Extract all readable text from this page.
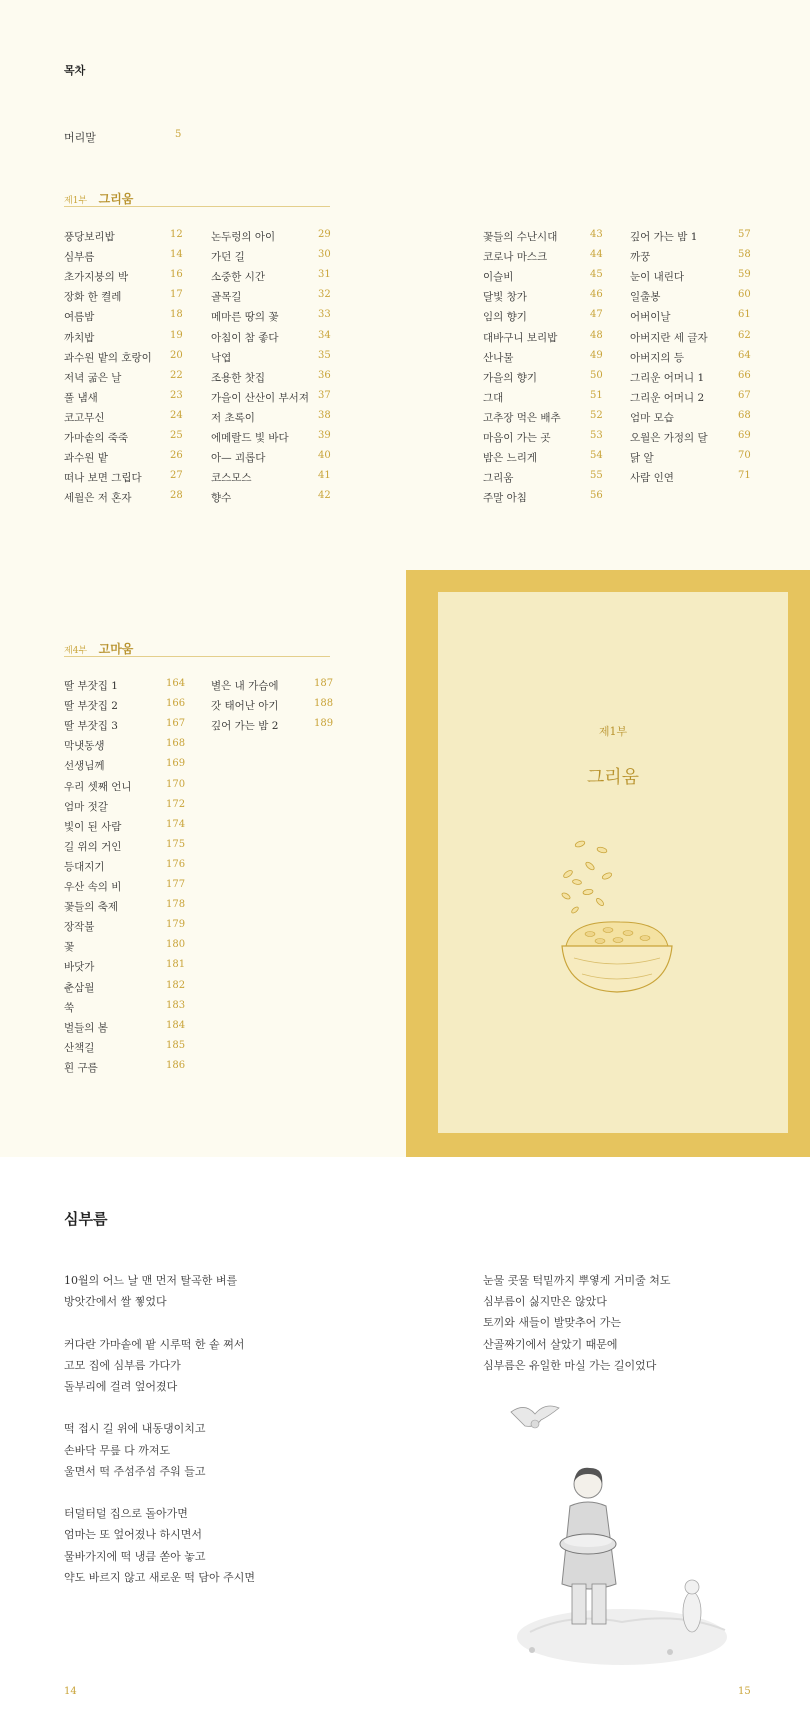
목차
머리말	5
제1부 그리움
풍당보리밥	12
심부름	14
초가지붕의 박	16
장화 한 켤레	17
여름밤	18
까치밥	19
과수원 밭의 호랑이 20
저녁 굶은 날	22
풀 냄새	23
코고무신	24
가마솥의 죽죽	25
과수원 밭	26
떠나 보면 그립다	27
세월은 저 혼자	28
논두렁의 아이	29
가던 길	30
소중한 시간	31
골목길	32
메마른 땅의 꽃	33
아침이 참 좋다	34
낙엽	35
조용한 찻집	36
가을이 산산이 부서져 37
저 초록이	38
에메랄드 빛 바다	39
아— 괴롭다	40
코스모스	41
향수	42
꽃들의 수난시대	43
코로나 마스크	44
이슬비	45
달빛 창가	46
임의 향기	47
대바구니 보리밥	48
산나물	49
가을의 향기	50
그대	51
고추장 먹은 배추	52
마음이 가는 곳	53
밤은 느리게	54
그리움	55
주말 아침	56
깊어 가는 밤 1	57
까꿍	58
눈이 내린다	59
일출봉	60
어버이날	61
아버지란 세 글자	62
아버지의 등	64
그리운 어머니 1	66
그리운 어머니 2	67
엄마 모습	68
오월은 가정의 달	69
닭 알	70
사람 인연	71
제4부 고마움
딸 부잣집 1	164
딸 부잣집 2	166
딸 부잣집 3	167
막냇동생	168
선생님께	169
우리 셋째 언니	170
엄마 젓갈	172
빛이 된 사람	174
길 위의 거인	175
등대지기	176
우산 속의 비	177
꽃들의 축제	178
장작불	179
꽃	180
바닷가	181
춘삼월	182
쑥	183
벌들의 봄	184
산책길	185
흰 구름	186
별은 내 가슴에	187
갓 태어난 아기	188
깊어 가는 밤 2	189
제1부
그리움
심부름
10월의 어느 날 맨 먼저 탈곡한 벼를
방앗간에서 쌀 찧었다
커다란 가마솥에 팥 시루떡 한 솥 쪄서
고모 집에 심부름 가다가
돌부리에 걸려 엎어졌다
떡 접시 길 위에 내동댕이치고
손바닥 무릎 다 까져도
울면서 떡 주섬주섬 주워 들고
터덜터덜 집으로 돌아가면
엄마는 또 엎어졌나 하시면서
물바가지에 떡 냉큼 쏟아 놓고
약도 바르지 않고 새로운 떡 담아 주시면
눈물 콧물 턱밑까지 뿌옇게 거미줄 쳐도
심부름이 싫지만은 않았다
토끼와 새들이 발맞추어 가는
산골짜기에서 살았기 때문에
심부름은 유일한 마실 가는 길이었다
14	15
